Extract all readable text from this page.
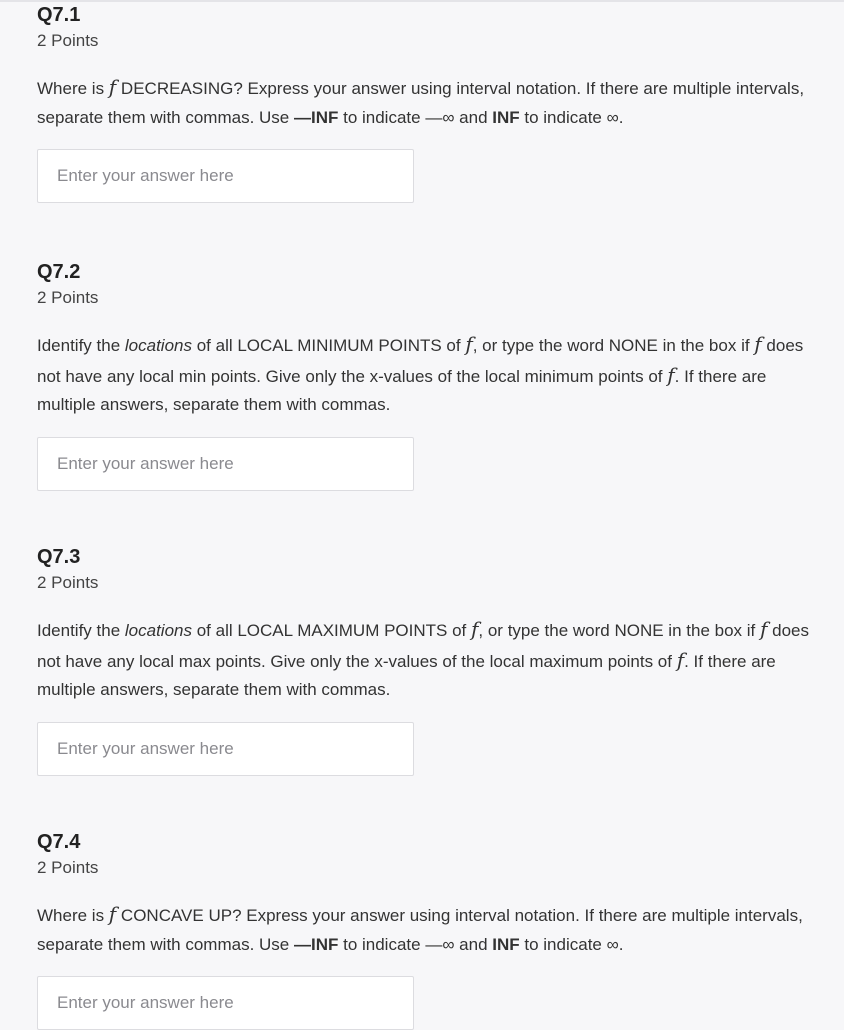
Q7.1
2 Points

Where is f DECREASING? Express your answer using interval notation. If there are multiple intervals, separate them with commas. Use —INF to indicate —∞ and INF to indicate ∞.

Enter your answer here
Q7.2
2 Points

Identify the locations of all LOCAL MINIMUM POINTS of f, or type the word NONE in the box if f does not have any local min points. Give only the x-values of the local minimum points of f. If there are multiple answers, separate them with commas.

Enter your answer here
Q7.3
2 Points

Identify the locations of all LOCAL MAXIMUM POINTS of f, or type the word NONE in the box if f does not have any local max points. Give only the x-values of the local maximum points of f. If there are multiple answers, separate them with commas.

Enter your answer here
Q7.4
2 Points

Where is f CONCAVE UP? Express your answer using interval notation. If there are multiple intervals, separate them with commas. Use —INF to indicate —∞ and INF to indicate ∞.

Enter your answer here
